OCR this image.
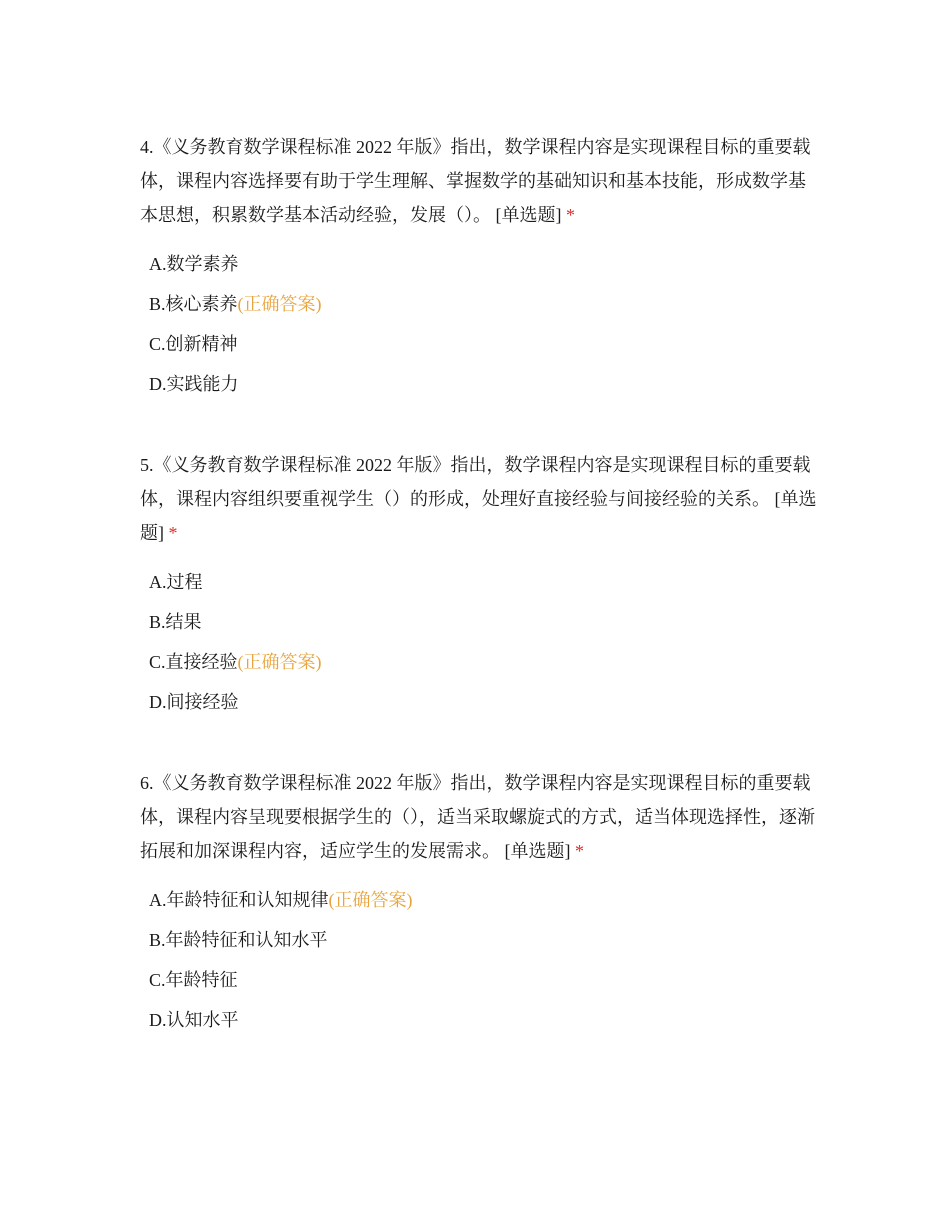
4.《义务教育数学课程标准 2022 年版》指出，数学课程内容是实现课程目标的重要载体，课程内容选择要有助于学生理解、掌握数学的基础知识和基本技能，形成数学基本思想，积累数学基本活动经验，发展（）。 [单选题] *

A.数学素养
B.核心素养(正确答案)
C.创新精神
D.实践能力

5.《义务教育数学课程标准 2022 年版》指出，数学课程内容是实现课程目标的重要载体，课程内容组织要重视学生（）的形成，处理好直接经验与间接经验的关系。 [单选题] *

A.过程
B.结果
C.直接经验(正确答案)
D.间接经验

6.《义务教育数学课程标准 2022 年版》指出，数学课程内容是实现课程目标的重要载体，课程内容呈现要根据学生的（），适当采取螺旋式的方式，适当体现选择性，逐渐拓展和加深课程内容，适应学生的发展需求。 [单选题] *

A.年龄特征和认知规律(正确答案)
B.年龄特征和认知水平
C.年龄特征
D.认知水平
